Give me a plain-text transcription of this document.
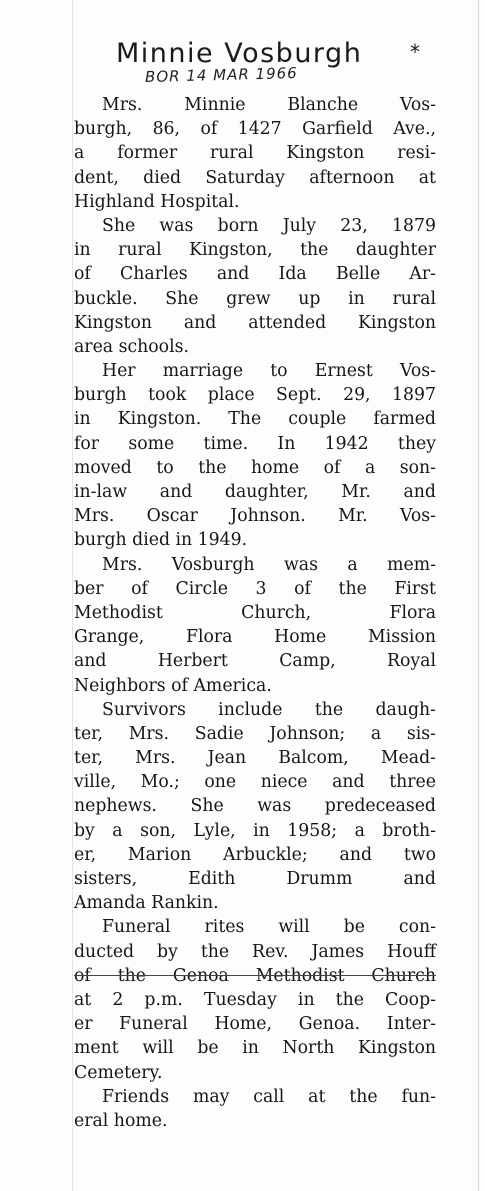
Minnie Vosburgh *
BOR 14 MAR 1966
Mrs. Minnie Blanche Vos-
burgh, 86, of 1427 Garfield Ave.,
a former rural Kingston resi-
dent, died Saturday afternoon at
Highland Hospital.
She was born July 23, 1879
in rural Kingston, the daughter
of Charles and Ida Belle Ar-
buckle. She grew up in rural
Kingston and attended Kingston
area schools.
Her marriage to Ernest Vos-
burgh took place Sept. 29, 1897
in Kingston. The couple farmed
for some time. In 1942 they
moved to the home of a son-
in-law and daughter, Mr. and
Mrs. Oscar Johnson. Mr. Vos-
burgh died in 1949.
Mrs. Vosburgh was a mem-
ber of Circle 3 of the First
Methodist Church, Flora
Grange, Flora Home Mission
and Herbert Camp, Royal
Neighbors of America.
Survivors include the daugh-
ter, Mrs. Sadie Johnson; a sis-
ter, Mrs. Jean Balcom, Mead-
ville, Mo.; one niece and three
nephews. She was predeceased
by a son, Lyle, in 1958; a broth-
er, Marion Arbuckle; and two
sisters, Edith Drumm and
Amanda Rankin.
Funeral rites will be con-
ducted by the Rev. James Houff
of the Genoa Methodist Church
at 2 p.m. Tuesday in the Coop-
er Funeral Home, Genoa. Inter-
ment will be in North Kingston
Cemetery.
Friends may call at the fun-
eral home.
